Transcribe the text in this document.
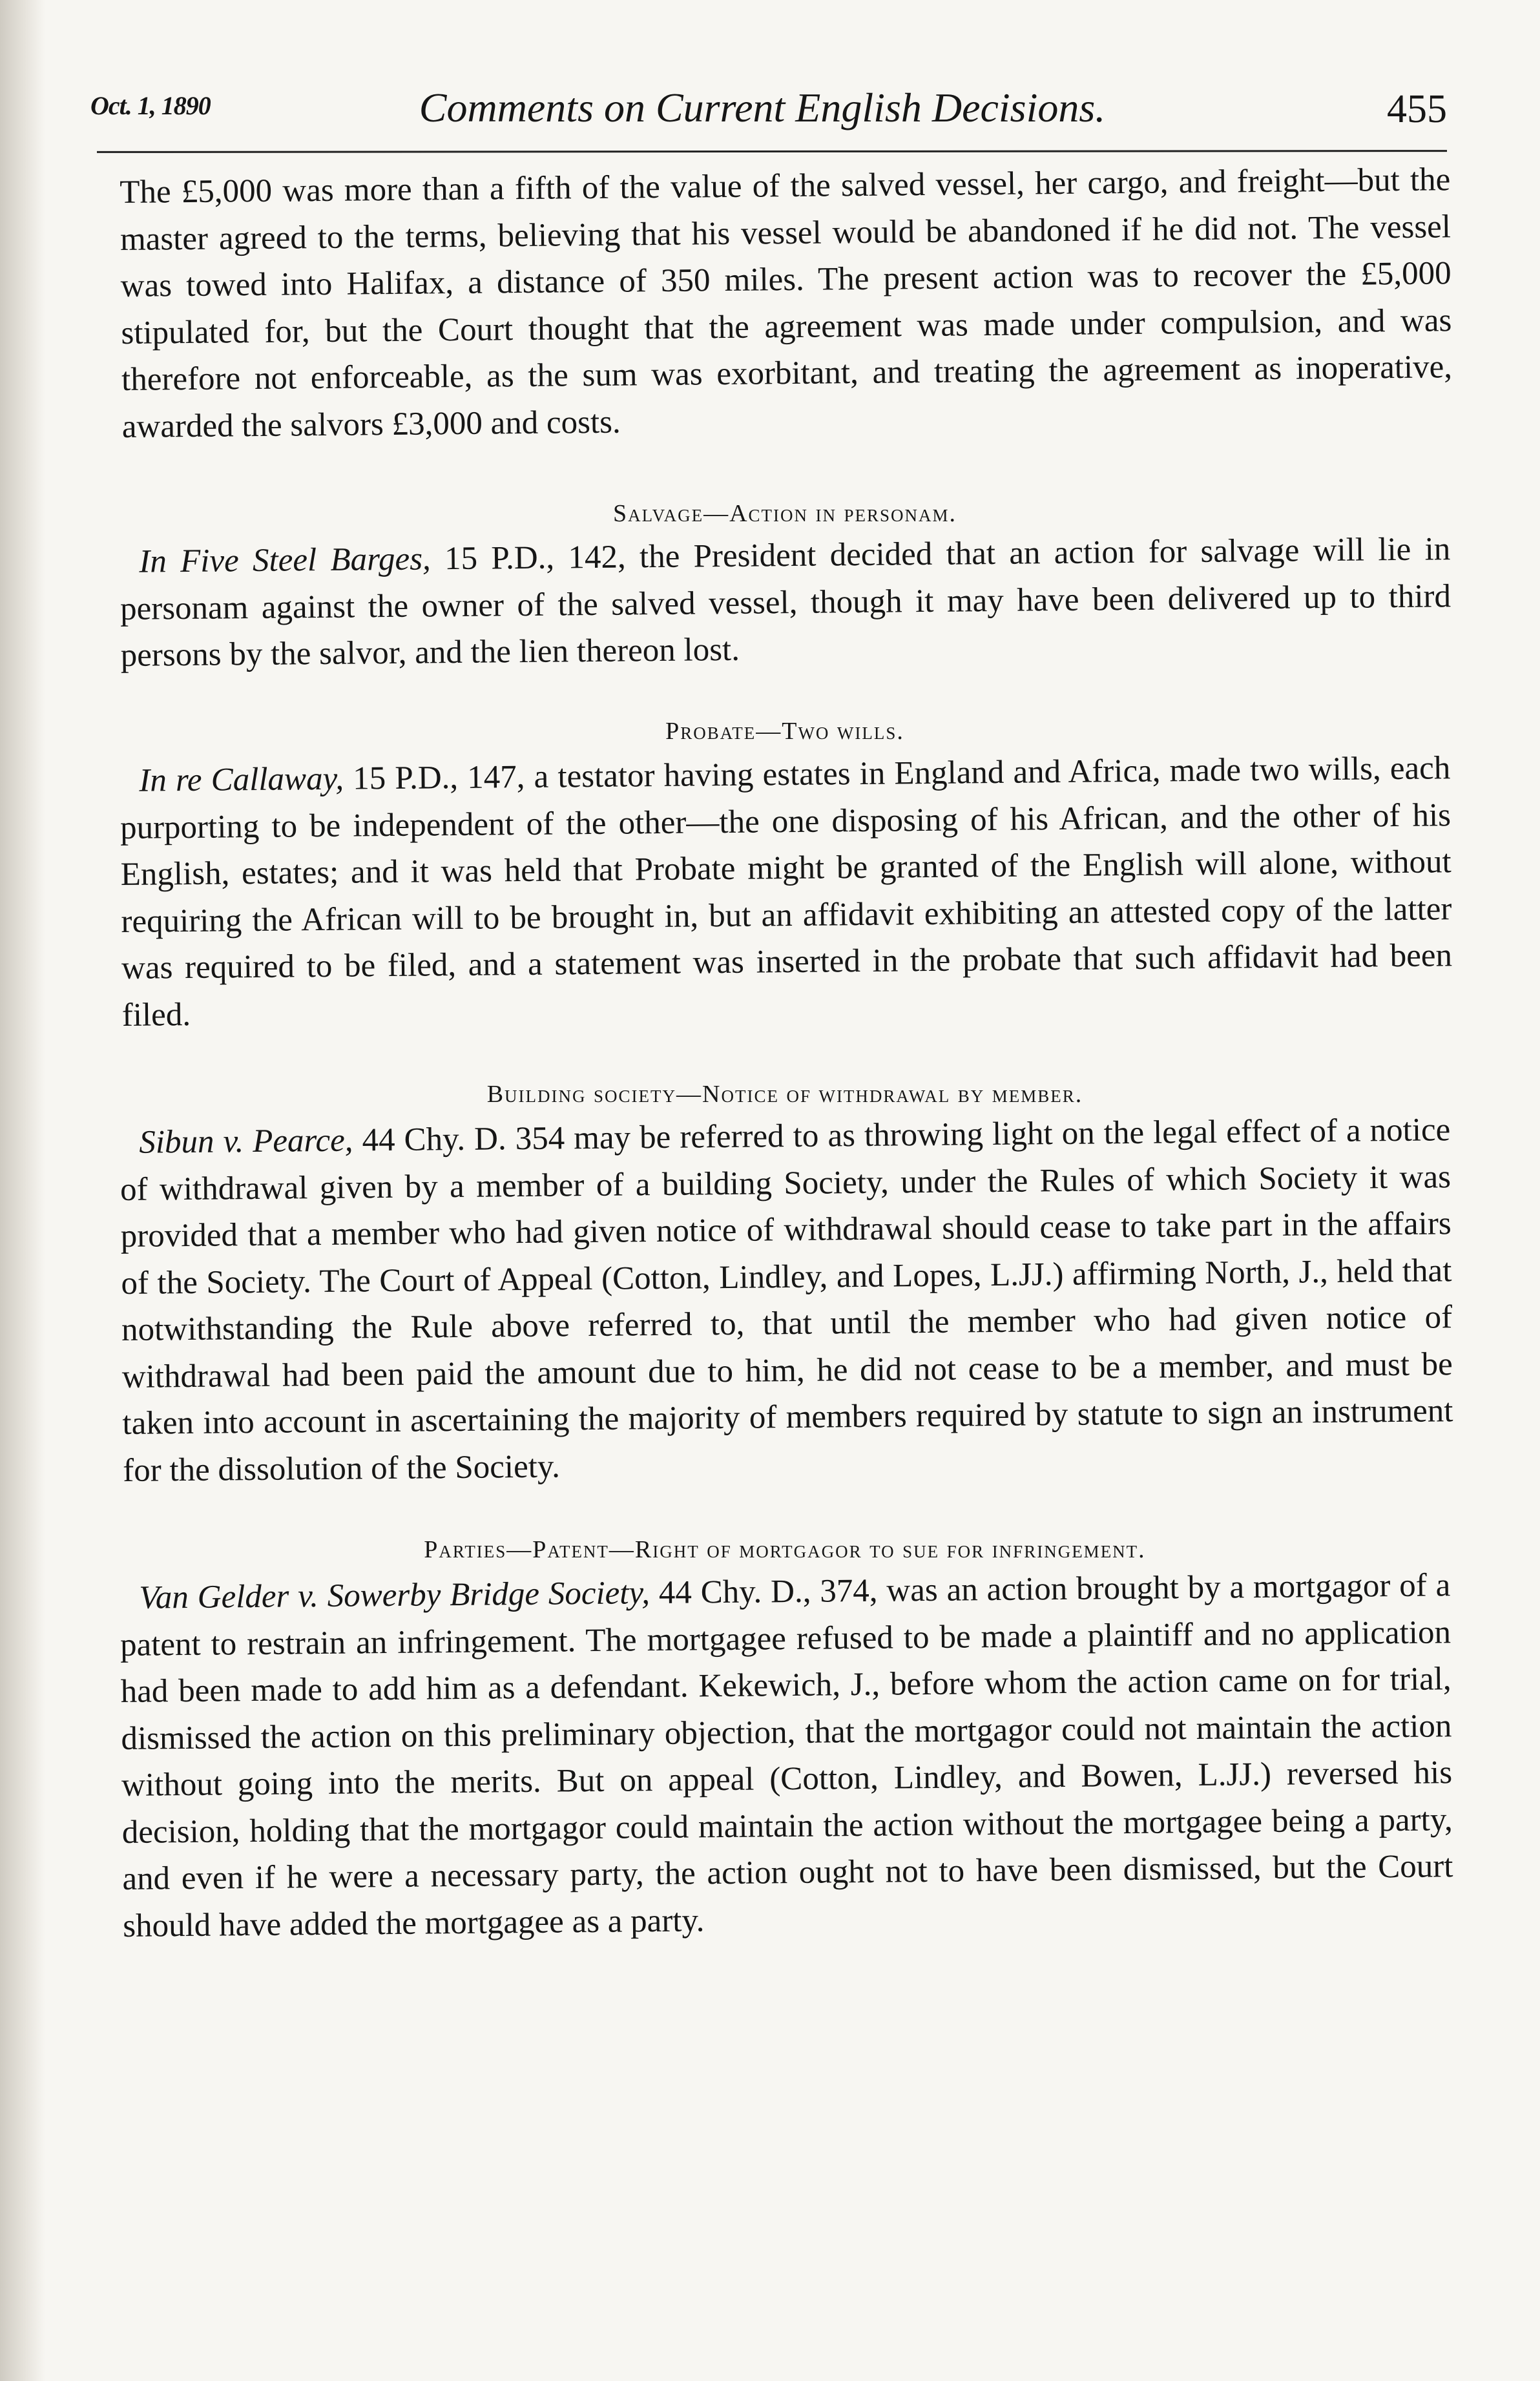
Oct. 1, 1890	Comments on Current English Decisions.	455

The £5,000 was more than a fifth of the value of the salved vessel, her cargo, and freight—but the master agreed to the terms, believing that his vessel would be abandoned if he did not. The vessel was towed into Halifax, a distance of 350 miles. The present action was to recover the £5,000 stipulated for, but the Court thought that the agreement was made under compulsion, and was therefore not enforceable, as the sum was exorbitant, and treating the agreement as inoperative, awarded the salvors £3,000 and costs.

Salvage—Action in personam.

In Five Steel Barges, 15 P.D., 142, the President decided that an action for salvage will lie in personam against the owner of the salved vessel, though it may have been delivered up to third persons by the salvor, and the lien thereon lost.

Probate—Two wills.

In re Callaway, 15 P.D., 147, a testator having estates in England and Africa, made two wills, each purporting to be independent of the other—the one disposing of his African, and the other of his English, estates; and it was held that Probate might be granted of the English will alone, without requiring the African will to be brought in, but an affidavit exhibiting an attested copy of the latter was required to be filed, and a statement was inserted in the probate that such affidavit had been filed.

Building society—Notice of withdrawal by member.

Sibun v. Pearce, 44 Chy. D. 354 may be referred to as throwing light on the legal effect of a notice of withdrawal given by a member of a building Society, under the Rules of which Society it was provided that a member who had given notice of withdrawal should cease to take part in the affairs of the Society. The Court of Appeal (Cotton, Lindley, and Lopes, L.JJ.) affirming North, J., held that notwithstanding the Rule above referred to, that until the member who had given notice of withdrawal had been paid the amount due to him, he did not cease to be a member, and must be taken into account in ascertaining the majority of members required by statute to sign an instrument for the dissolution of the Society.

Parties—Patent—Right of mortgagor to sue for infringement.

Van Gelder v. Sowerby Bridge Society, 44 Chy. D., 374, was an action brought by a mortgagor of a patent to restrain an infringement. The mortgagee refused to be made a plaintiff and no application had been made to add him as a defendant. Kekewich, J., before whom the action came on for trial, dismissed the action on this preliminary objection, that the mortgagor could not maintain the action without going into the merits. But on appeal (Cotton, Lindley, and Bowen, L.JJ.) reversed his decision, holding that the mortgagor could maintain the action without the mortgagee being a party, and even if he were a necessary party, the action ought not to have been dismissed, but the Court should have added the mortgagee as a party.
